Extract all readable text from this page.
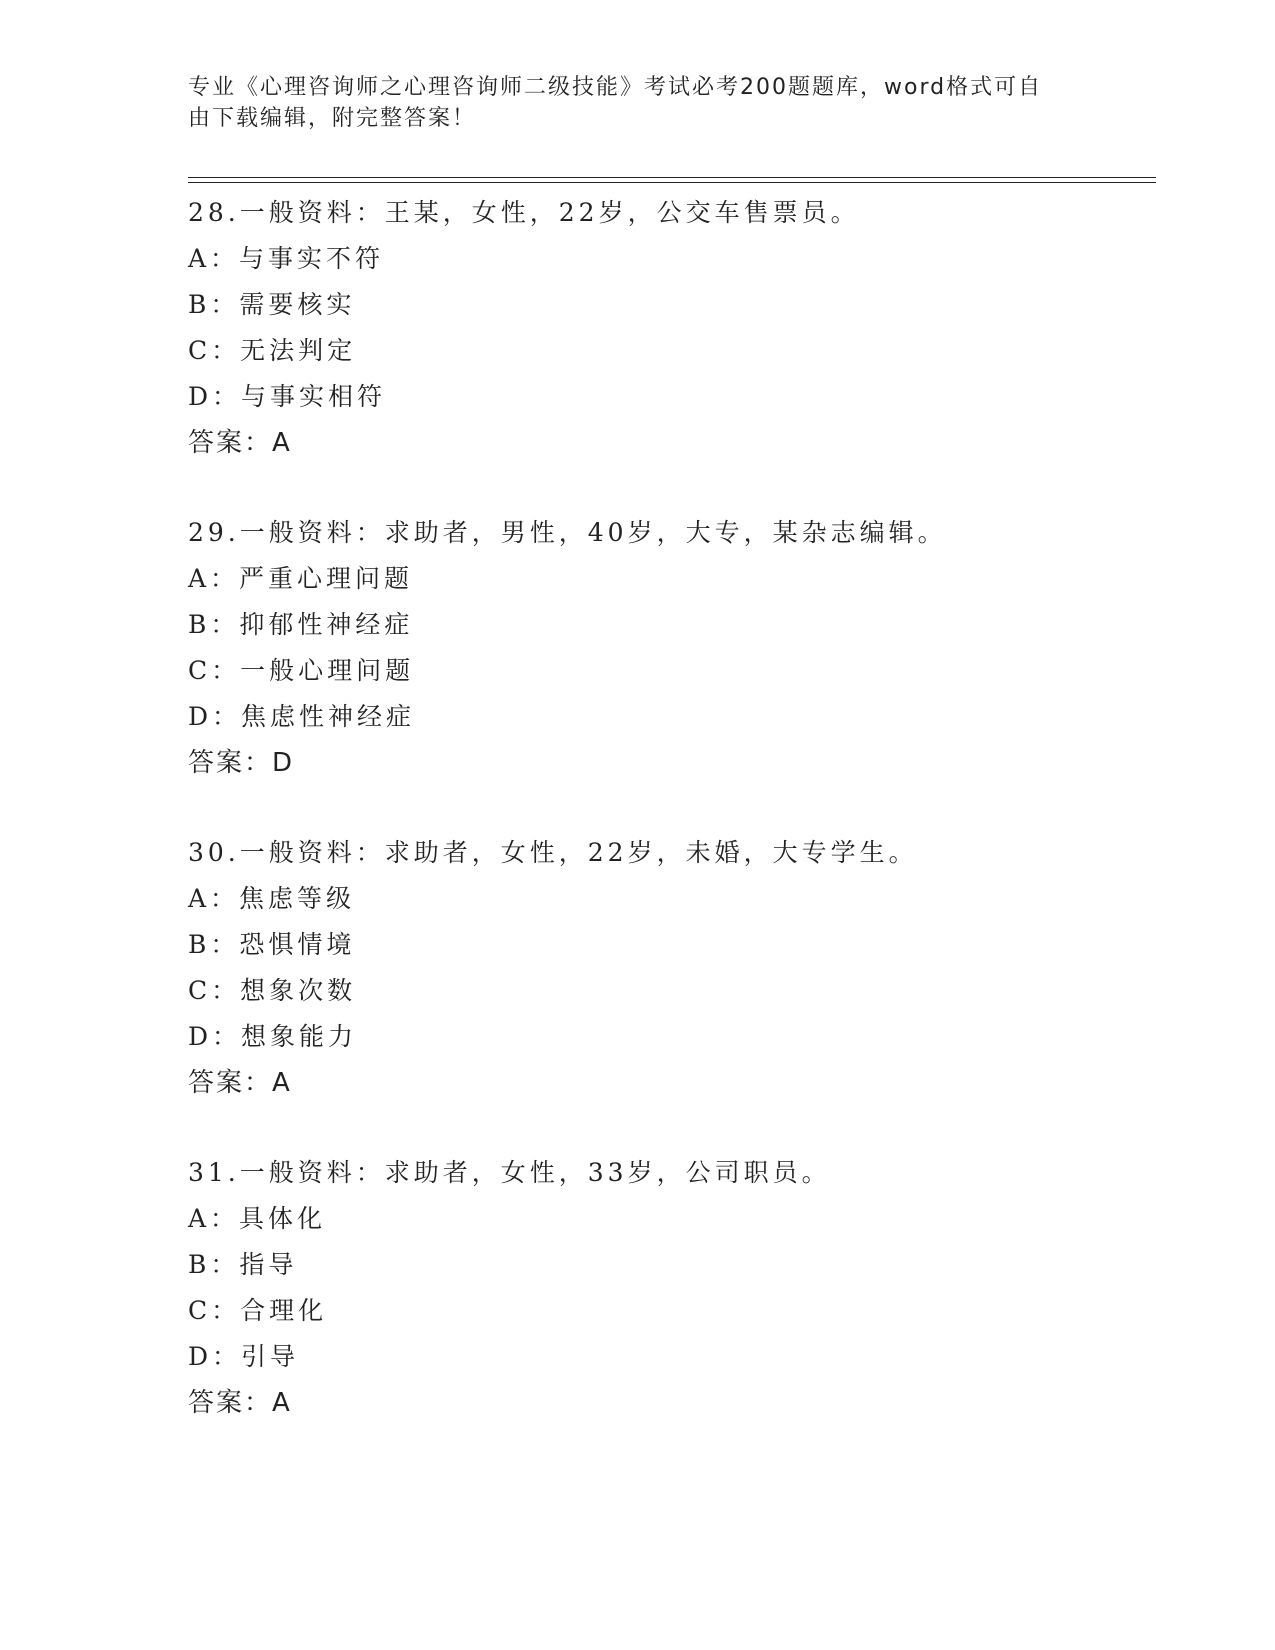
专业《心理咨询师之心理咨询师二级技能》考试必考200题题库，word格式可自
由下载编辑，附完整答案！
28.一般资料：王某，女性，22岁，公交车售票员。
A：与事实不符
B：需要核实
C：无法判定
D：与事实相符
答案：A
29.一般资料：求助者，男性，40岁，大专，某杂志编辑。
A：严重心理问题
B：抑郁性神经症
C：一般心理问题
D：焦虑性神经症
答案：D
30.一般资料：求助者，女性，22岁，未婚，大专学生。
A：焦虑等级
B：恐惧情境
C：想象次数
D：想象能力
答案：A
31.一般资料：求助者，女性，33岁，公司职员。
A：具体化
B：指导
C：合理化
D：引导
答案：A
